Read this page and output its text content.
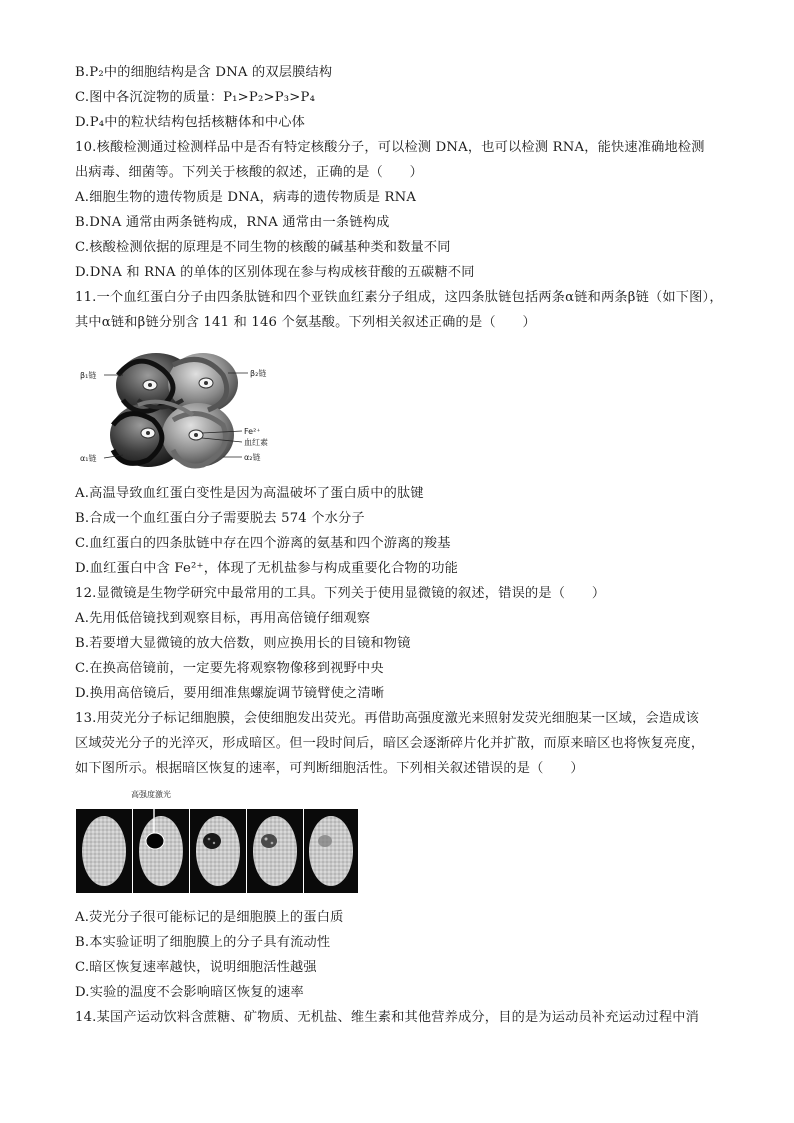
B.P₂中的细胞结构是含 DNA 的双层膜结构
C.图中各沉淀物的质量：P₁>P₂>P₃>P₄
D.P₄中的粒状结构包括核糖体和中心体
10.核酸检测通过检测样品中是否有特定核酸分子，可以检测 DNA，也可以检测 RNA，能快速准确地检测
出病毒、细菌等。下列关于核酸的叙述，正确的是（　　）
A.细胞生物的遗传物质是 DNA，病毒的遗传物质是 RNA
B.DNA 通常由两条链构成，RNA 通常由一条链构成
C.核酸检测依据的原理是不同生物的核酸的碱基种类和数量不同
D.DNA 和 RNA 的单体的区别体现在参与构成核苷酸的五碳糖不同
11.一个血红蛋白分子由四条肽链和四个亚铁血红素分子组成，这四条肽链包括两条α链和两条β链（如下图），
其中α链和β链分别含 141 和 146 个氨基酸。下列相关叙述正确的是（　　）
β₁链	β₂链
Fe²⁺
血红素
α₁链	α₂链
A.高温导致血红蛋白变性是因为高温破坏了蛋白质中的肽键
B.合成一个血红蛋白分子需要脱去 574 个水分子
C.血红蛋白的四条肽链中存在四个游离的氨基和四个游离的羧基
D.血红蛋白中含 Fe²⁺，体现了无机盐参与构成重要化合物的功能
12.显微镜是生物学研究中最常用的工具。下列关于使用显微镜的叙述，错误的是（　　）
A.先用低倍镜找到观察目标，再用高倍镜仔细观察
B.若要增大显微镜的放大倍数，则应换用长的目镜和物镜
C.在换高倍镜前，一定要先将观察物像移到视野中央
D.换用高倍镜后，要用细准焦螺旋调节镜臂使之清晰
13.用荧光分子标记细胞膜，会使细胞发出荧光。再借助高强度激光来照射发荧光细胞某一区域，会造成该
区域荧光分子的光淬灭，形成暗区。但一段时间后，暗区会逐渐碎片化并扩散，而原来暗区也将恢复亮度，
如下图所示。根据暗区恢复的速率，可判断细胞活性。下列相关叙述错误的是（　　）
高强度激光
A.荧光分子很可能标记的是细胞膜上的蛋白质
B.本实验证明了细胞膜上的分子具有流动性
C.暗区恢复速率越快，说明细胞活性越强
D.实验的温度不会影响暗区恢复的速率
14.某国产运动饮料含蔗糖、矿物质、无机盐、维生素和其他营养成分，目的是为运动员补充运动过程中消
